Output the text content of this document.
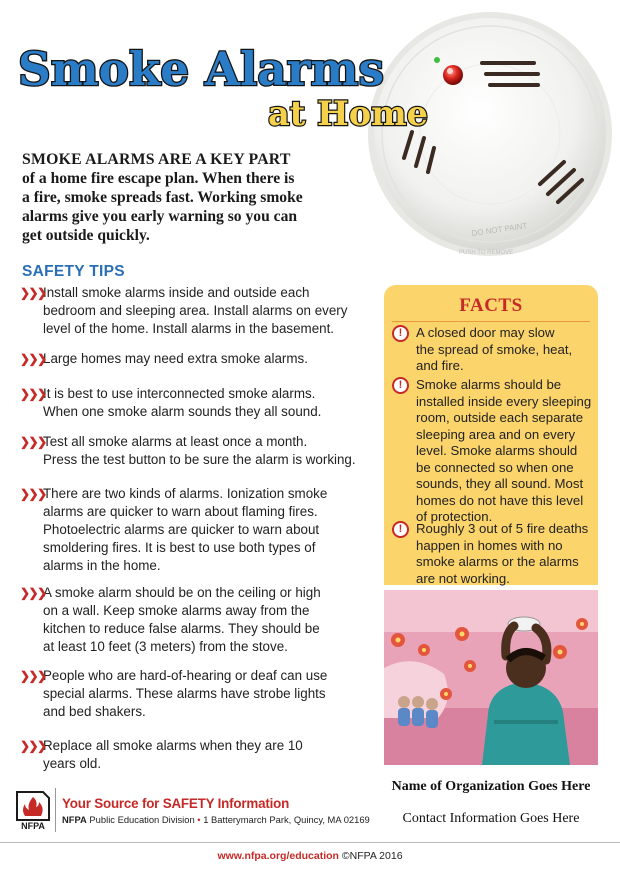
DO NOT PAINT
PUSH TO REMOVE
Smoke Alarms
at Home
SMOKE ALARMS ARE A KEY PART
of a home fire escape plan. When there is
a fire, smoke spreads fast. Working smoke
alarms give you early warning so you can
get outside quickly.
SAFETY TIPS
❯❯❯
Install smoke alarms inside and outside each
bedroom and sleeping area. Install alarms on every
level of the home. Install alarms in the basement.
❯❯❯
Large homes may need extra smoke alarms.
❯❯❯
It is best to use interconnected smoke alarms.
When one smoke alarm sounds they all sound.
❯❯❯
Test all smoke alarms at least once a month.
Press the test button to be sure the alarm is working.
❯❯❯
There are two kinds of alarms. Ionization smoke
alarms are quicker to warn about flaming fires.
Photoelectric alarms are quicker to warn about
smoldering fires. It is best to use both types of
alarms in the home.
❯❯❯
A smoke alarm should be on the ceiling or high
on a wall. Keep smoke alarms away from the
kitchen to reduce false alarms. They should be
at least 10 feet (3 meters) from the stove.
❯❯❯
People who are hard-of-hearing or deaf can use
special alarms. These alarms have strobe lights
and bed shakers.
❯❯❯
Replace all smoke alarms when they are 10
years old.
FACTS
!	A closed door may slow
the spread of smoke, heat,
and fire.
!	Smoke alarms should be
installed inside every sleeping
room, outside each separate
sleeping area and on every
level. Smoke alarms should
be connected so when one
sounds, they all sound. Most
homes do not have this level
of protection.
!	Roughly 3 out of 5 fire deaths
happen in homes with no
smoke alarms or the alarms
are not working.
Name of Organization Goes Here
Contact Information Goes Here
NFPA
Your Source for SAFETY Information
NFPA Public Education Division • 1 Batterymarch Park, Quincy, MA 02169
www.nfpa.org/education ©NFPA 2016
